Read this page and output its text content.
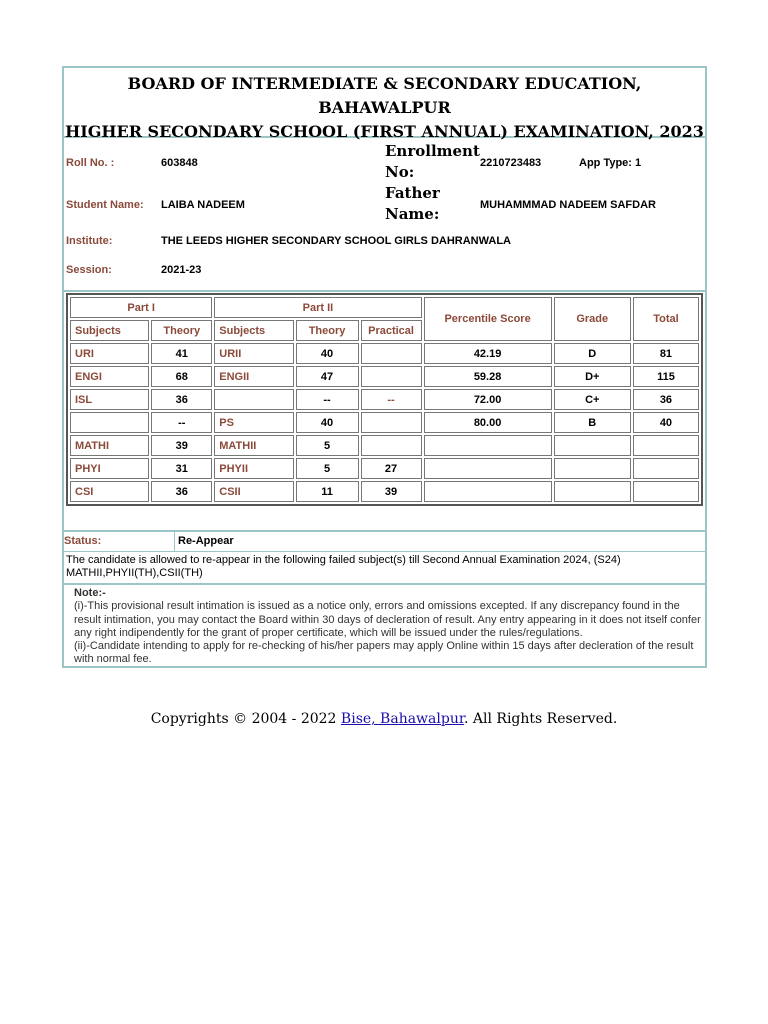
BOARD OF INTERMEDIATE & SECONDARY EDUCATION, BAHAWALPUR
HIGHER SECONDARY SCHOOL (FIRST ANNUAL) EXAMINATION, 2023
Roll No. :	603848
Enrollment No:	2210723483	App Type: 1
Student Name: LAIBA NADEEM
Father Name:	MUHAMMMAD NADEEM SAFDAR
Institute:	THE LEEDS HIGHER SECONDARY SCHOOL GIRLS DAHRANWALA
Session:	2021-23
Part I		Part II			Percentile Score	Grade	Total
Subjects	Theory	Subjects	Theory	Practical			
URI	41	URII	40		42.19	D	81
ENGI	68	ENGII	47		59.28	D+	115
ISL	36		--	--	72.00	C+	36
	--	PS	40		80.00	B	40
MATHI	39	MATHII	5				
PHYI	31	PHYII	5	27			
CSI	36	CSII	11	39			
Status:	Re-Appear
The candidate is allowed to re-appear in the following failed subject(s) till Second Annual Examination 2024, (S24) MATHII,PHYII(TH),CSII(TH)
Note:-
(i)-This provisional result intimation is issued as a notice only, errors and omissions excepted. If any discrepancy found in the result intimation, you may contact the Board within 30 days of decleration of result. Any entry appearing in it does not itself confer any right indipendently for the grant of proper certificate, which will be issued under the rules/regulations.
(ii)-Candidate intending to apply for re-checking of his/her papers may apply Online within 15 days after decleration of the result with normal fee.
Copyrights © 2004 - 2022 Bise, Bahawalpur. All Rights Reserved.
